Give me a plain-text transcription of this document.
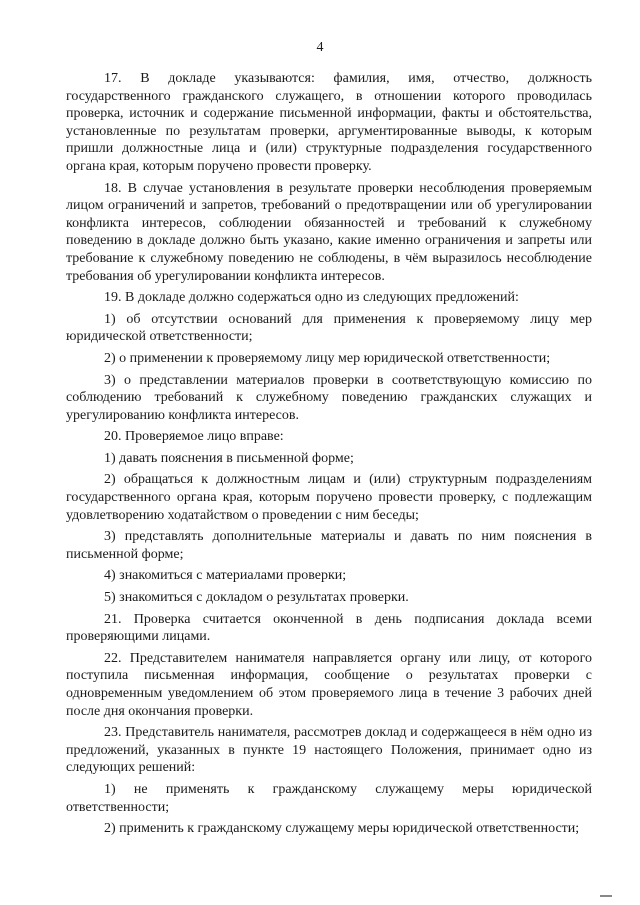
4

17. В докладе указываются: фамилия, имя, отчество, должность государственного гражданского служащего, в отношении которого проводилась проверка, источник и содержание письменной информации, факты и обстоятельства, установленные по результатам проверки, аргументированные выводы, к которым пришли должностные лица и (или) структурные подразделения государственного органа края, которым поручено провести проверку.

18. В случае установления в результате проверки несоблюдения проверяемым лицом ограничений и запретов, требований о предотвращении или об урегулировании конфликта интересов, соблюдении обязанностей и требований к служебному поведению в докладе должно быть указано, какие именно ограничения и запреты или требование к служебному поведению не соблюдены, в чём выразилось несоблюдение требования об урегулировании конфликта интересов.

19. В докладе должно содержаться одно из следующих предложений:

1) об отсутствии оснований для применения к проверяемому лицу мер юридической ответственности;

2) о применении к проверяемому лицу мер юридической ответственности;

3) о представлении материалов проверки в соответствующую комиссию по соблюдению требований к служебному поведению гражданских служащих и урегулированию конфликта интересов.

20. Проверяемое лицо вправе:

1) давать пояснения в письменной форме;

2) обращаться к должностным лицам и (или) структурным подразделениям государственного органа края, которым поручено провести проверку, с подлежащим удовлетворению ходатайством о проведении с ним беседы;

3) представлять дополнительные материалы и давать по ним пояснения в письменной форме;

4) знакомиться с материалами проверки;

5) знакомиться с докладом о результатах проверки.

21. Проверка считается оконченной в день подписания доклада всеми проверяющими лицами.

22. Представителем нанимателя направляется органу или лицу, от которого поступила письменная информация, сообщение о результатах проверки с одновременным уведомлением об этом проверяемого лица в течение 3 рабочих дней после дня окончания проверки.

23. Представитель нанимателя, рассмотрев доклад и содержащееся в нём одно из предложений, указанных в пункте 19 настоящего Положения, принимает одно из следующих решений:

1) не применять к гражданскому служащему меры юридической ответственности;

2) применить к гражданскому служащему меры юридической ответственности;
